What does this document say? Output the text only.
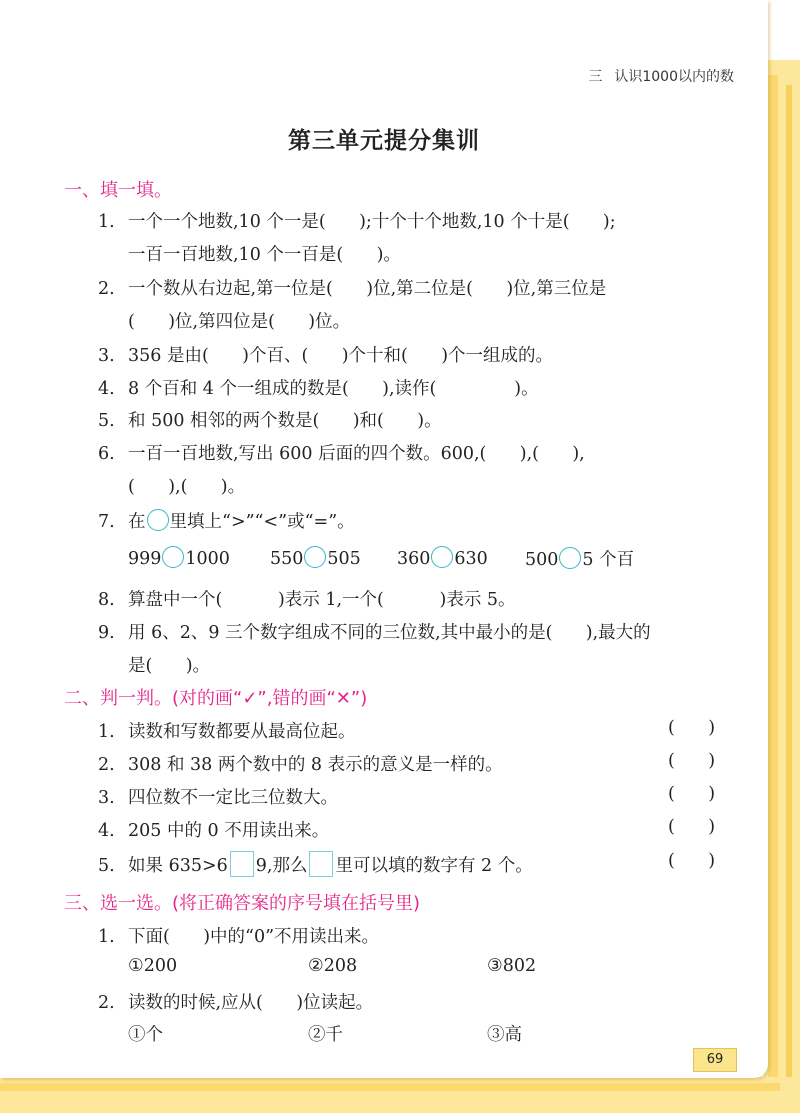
三 认识1000以内的数
第三单元提分集训
一、填一填。
1. 一个一个地数,10 个一是(      );十个十个地数,10 个十是(      );
一百一百地数,10 个一百是(      )。
2. 一个数从右边起,第一位是(      )位,第二位是(      )位,第三位是
(      )位,第四位是(      )位。
3. 356 是由(      )个百、(      )个十和(      )个一组成的。
4. 8 个百和 4 个一组成的数是(      ),读作(              )。
5. 和 500 相邻的两个数是(      )和(      )。
6. 一百一百地数,写出 600 后面的四个数。600,(      ),(      ),
(      ),(      )。
7. 在 里填上“>”“<”或“=”。
999 1000 550 505 360 630 500 5 个百
8. 算盘中一个(          )表示 1,一个(          )表示 5。
9. 用 6、2、9 三个数字组成不同的三位数,其中最小的是(      ),最大的
是(      )。
二、判一判。(对的画“✓”,错的画“✕”)
1. 读数和写数都要从最高位起。	(      )
2. 308 和 38 两个数中的 8 表示的意义是一样的。	(      )
3. 四位数不一定比三位数大。	(      )
4. 205 中的 0 不用读出来。	(      )
5. 如果 635>6 9,那么 里可以填的数字有 2 个。	(      )
三、选一选。(将正确答案的序号填在括号里)
1. 下面(      )中的“0”不用读出来。
①200	②208	③802
2. 读数的时候,应从(      )位读起。
①个	②千	③高
69
